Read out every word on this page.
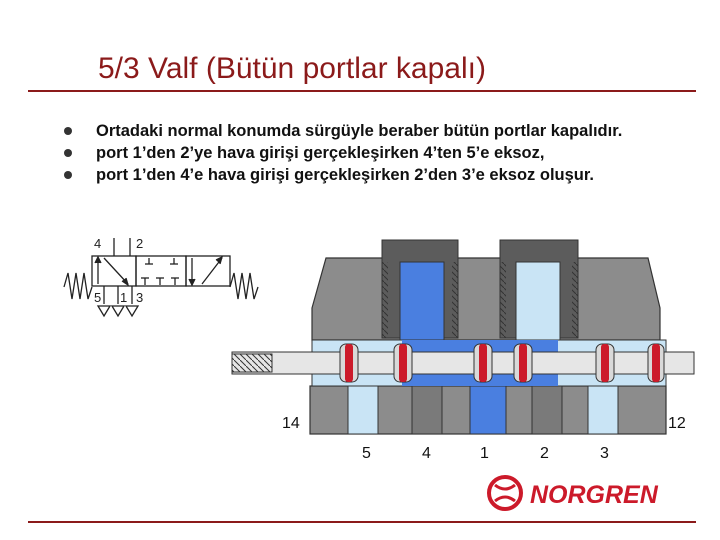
5/3 Valf (Bütün portlar kapalı)
Ortadaki normal konumda sürgüyle beraber bütün portlar kapalıdır.
port 1’den 2’ye hava girişi gerçekleşirken 4’ten 5’e eksoz,
port 1’den 4’e hava girişi gerçekleşirken 2’den 3’e eksoz oluşur.
4	2
5 1 3
14	12
5	4	1	2	3
NORGREN
